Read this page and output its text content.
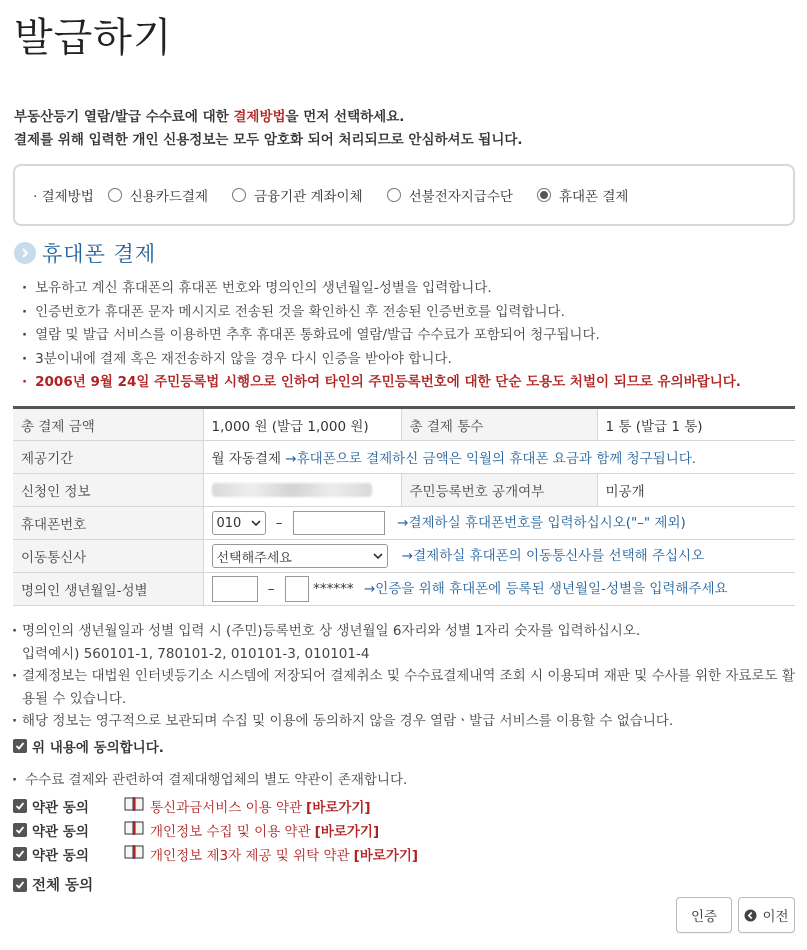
발급하기
부동산등기 열람/발급 수수료에 대한 결제방법을 먼저 선택하세요.
결제를 위해 입력한 개인 신용정보는 모두 암호화 되어 처리되므로 안심하셔도 됩니다.
· 결제방법	신용카드결제	금융기관 계좌이체	선불전자지급수단	휴대폰 결제
휴대폰 결제
· 보유하고 계신 휴대폰의 휴대폰 번호와 명의인의 생년월일-성별을 입력합니다.
· 인증번호가 휴대폰 문자 메시지로 전송된 것을 확인하신 후 전송된 인증번호를 입력합니다.
· 열람 및 발급 서비스를 이용하면 추후 휴대폰 통화료에 열람/발급 수수료가 포함되어 청구됩니다.
· 3분이내에 결제 혹은 재전송하지 않을 경우 다시 인증을 받아야 합니다.
· 2006년 9월 24일 주민등록법 시행으로 인하여 타인의 주민등록번호에 대한 단순 도용도 처벌이 되므로 유의바랍니다.
총 결제 금액	1,000 원 (발급 1,000 원)	총 결제 통수	1 통 (발급 1 통)
제공기간	월 자동결제 →휴대폰으로 결제하신 금액은 익월의 휴대폰 요금과 함께 청구됩니다.		
신청인 정보		주민등록번호 공개여부	미공개
휴대폰번호	010 – →결제하실 휴대폰번호를 입력하십시오("–" 제외)		
이동통신사	선택해주세요 →결제하실 휴대폰의 이동통신사를 선택해 주십시오		
명의인 생년월일-성별	– ****** →인증을 위해 휴대폰에 등록된 생년월일-성별을 입력해주세요		
· 명의인의 생년월일과 성별 입력 시 (주민)등록번호 상 생년월일 6자리와 성별 1자리 숫자를 입력하십시오.
입력예시) 560101-1, 780101-2, 010101-3, 010101-4
· 결제정보는 대법원 인터넷등기소 시스템에 저장되어 결제취소 및 수수료결제내역 조회 시 이용되며 재판 및 수사를 위한 자료로도 활용될 수 있습니다.
· 해당 정보는 영구적으로 보관되며 수집 및 이용에 동의하지 않을 경우 열람ㆍ발급 서비스를 이용할 수 없습니다.
위 내용에 동의합니다.
· 수수료 결제와 관련하여 결제대행업체의 별도 약관이 존재합니다.
약관 동의	통신과금서비스 이용 약관 [바로가기]
약관 동의	개인정보 수집 및 이용 약관 [바로가기]
약관 동의	개인정보 제3자 제공 및 위탁 약관 [바로가기]
전체 동의
인증	이전
